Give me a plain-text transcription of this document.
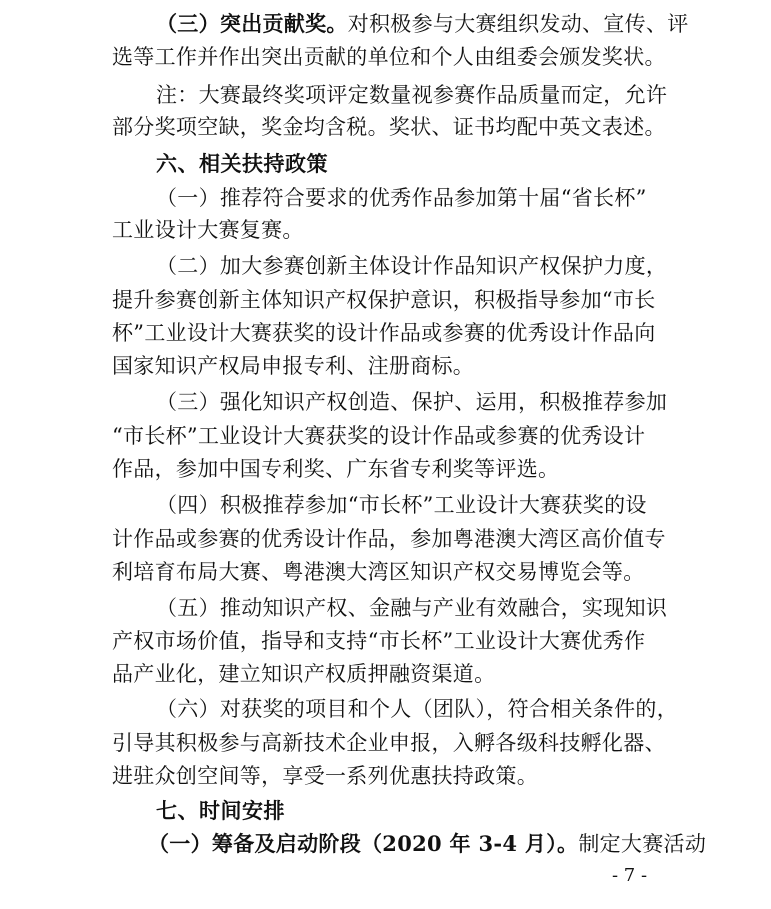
（三）突出贡献奖。对积极参与大赛组织发动、宣传、评
选等工作并作出突出贡献的单位和个人由组委会颁发奖状。
注：大赛最终奖项评定数量视参赛作品质量而定，允许
部分奖项空缺，奖金均含税。奖状、证书均配中英文表述。
六、相关扶持政策
（一）推荐符合要求的优秀作品参加第十届“省长杯”
工业设计大赛复赛。
（二）加大参赛创新主体设计作品知识产权保护力度，
提升参赛创新主体知识产权保护意识，积极指导参加“市长
杯”工业设计大赛获奖的设计作品或参赛的优秀设计作品向
国家知识产权局申报专利、注册商标。
（三）强化知识产权创造、保护、运用，积极推荐参加
“市长杯”工业设计大赛获奖的设计作品或参赛的优秀设计
作品，参加中国专利奖、广东省专利奖等评选。
（四）积极推荐参加“市长杯”工业设计大赛获奖的设
计作品或参赛的优秀设计作品，参加粤港澳大湾区高价值专
利培育布局大赛、粤港澳大湾区知识产权交易博览会等。
（五）推动知识产权、金融与产业有效融合，实现知识
产权市场价值，指导和支持“市长杯”工业设计大赛优秀作
品产业化，建立知识产权质押融资渠道。
（六）对获奖的项目和个人（团队），符合相关条件的，
引导其积极参与高新技术企业申报，入孵各级科技孵化器、
进驻众创空间等，享受一系列优惠扶持政策。
七、时间安排
（一）筹备及启动阶段（2020 年 3-4 月）。制定大赛活动
- 7 -
